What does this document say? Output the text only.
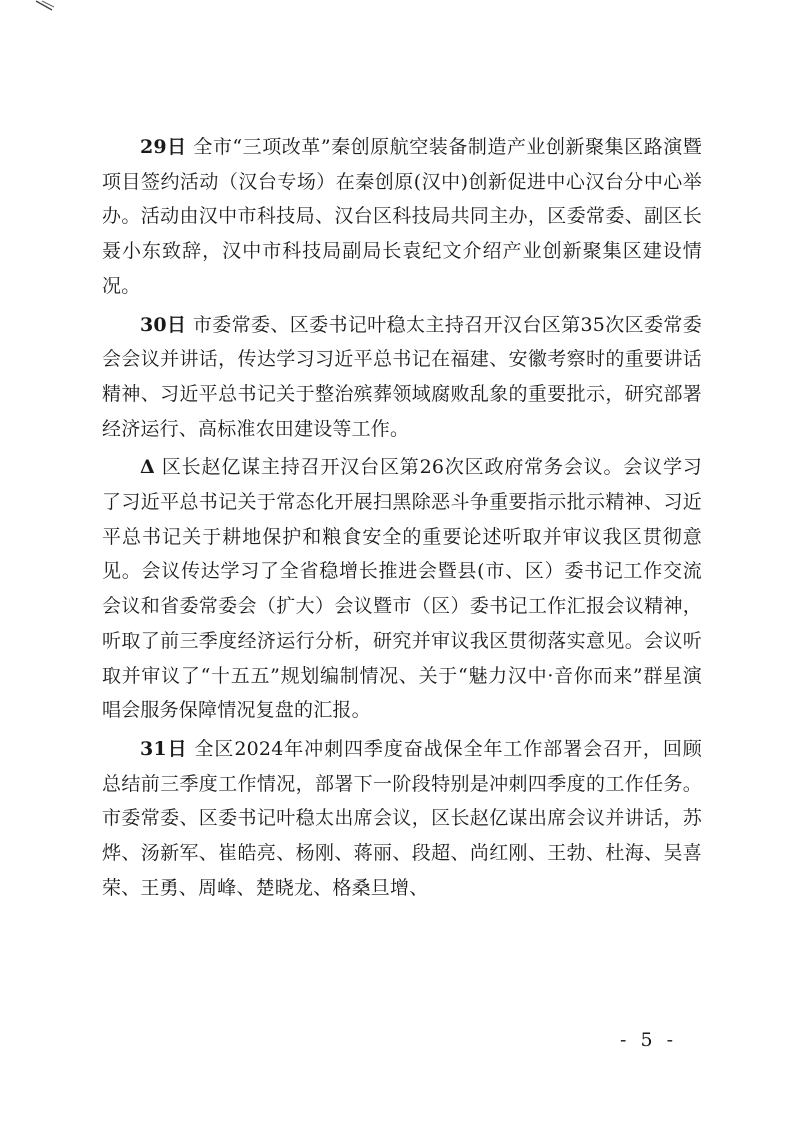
29日 全市“三项改革”秦创原航空装备制造产业创新聚集区路演暨项目签约活动（汉台专场）在秦创原(汉中)创新促进中心汉台分中心举办。活动由汉中市科技局、汉台区科技局共同主办，区委常委、副区长聂小东致辞，汉中市科技局副局长袁纪文介绍产业创新聚集区建设情况。

30日 市委常委、区委书记叶稳太主持召开汉台区第35次区委常委会会议并讲话，传达学习习近平总书记在福建、安徽考察时的重要讲话精神、习近平总书记关于整治殡葬领域腐败乱象的重要批示，研究部署经济运行、高标准农田建设等工作。

Δ 区长赵亿谋主持召开汉台区第26次区政府常务会议。会议学习了习近平总书记关于常态化开展扫黑除恶斗争重要指示批示精神、习近平总书记关于耕地保护和粮食安全的重要论述听取并审议我区贯彻意见。会议传达学习了全省稳增长推进会暨县(市、区）委书记工作交流会议和省委常委会（扩大）会议暨市（区）委书记工作汇报会议精神，听取了前三季度经济运行分析，研究并审议我区贯彻落实意见。会议听取并审议了“十五五”规划编制情况、关于“魅力汉中·音你而来”群星演唱会服务保障情况复盘的汇报。

31日 全区2024年冲刺四季度奋战保全年工作部署会召开，回顾总结前三季度工作情况，部署下一阶段特别是冲刺四季度的工作任务。市委常委、区委书记叶稳太出席会议，区长赵亿谋出席会议并讲话，苏烨、汤新军、崔皓亮、杨刚、蒋丽、段超、尚红刚、王勃、杜海、吴喜荣、王勇、周峰、楚晓龙、格桑旦增、

- 5 -
